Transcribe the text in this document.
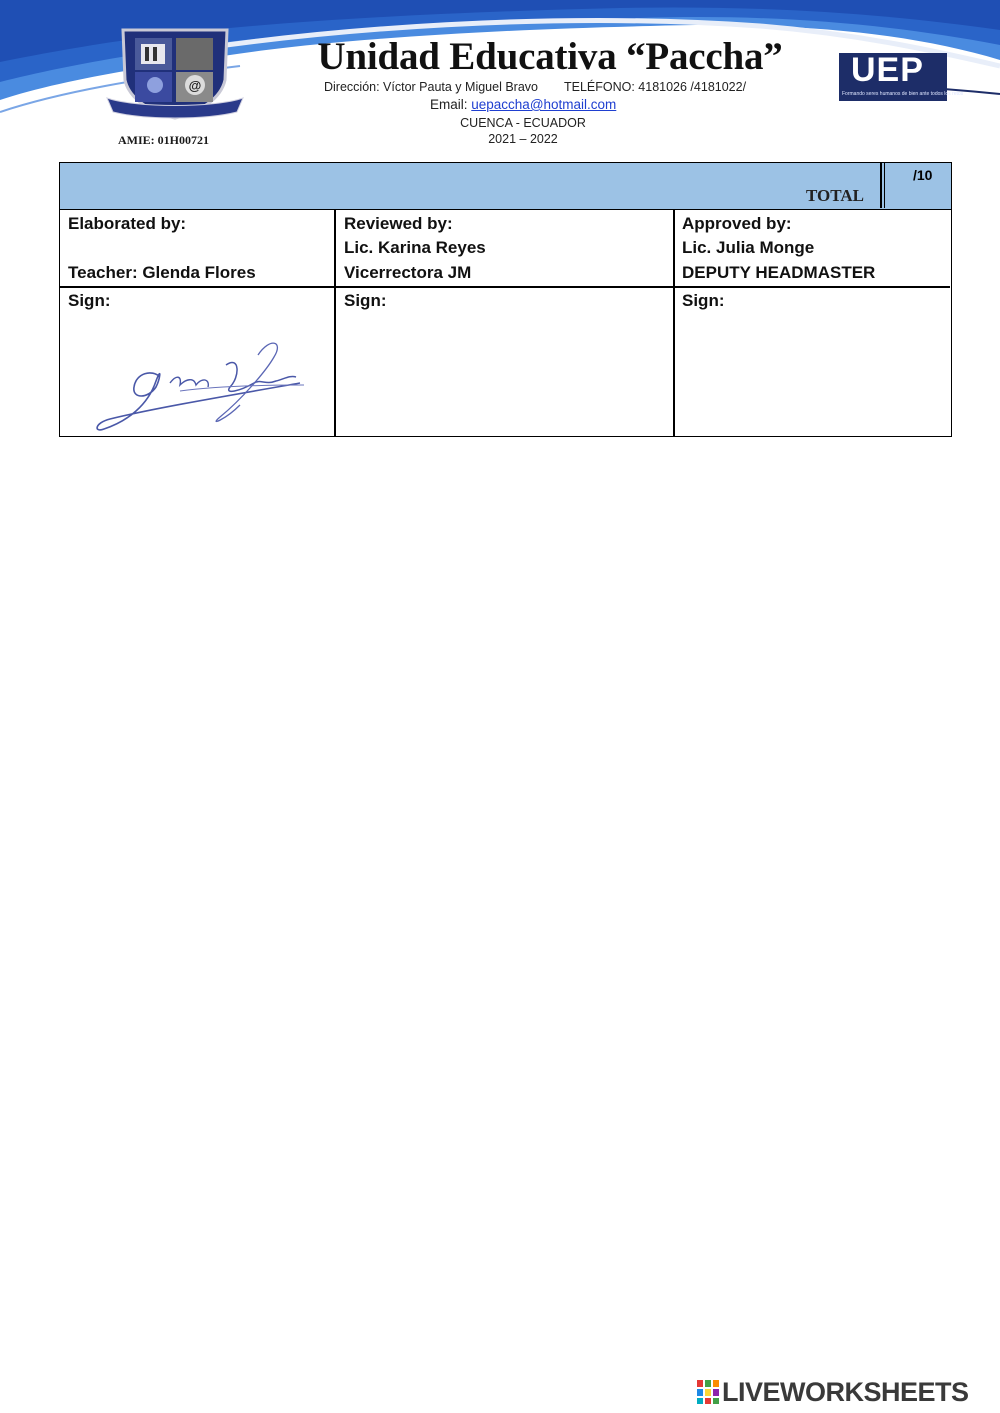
@
AMIE: 01H00721
Unidad Educativa “Paccha”
Dirección: Víctor Pauta y Miguel Bravo TELÉFONO: 4181026 /4181022/
Email: uepaccha@hotmail.com
CUENCA - ECUADOR
2021 – 2022
UEP
Formando seres humanos de bien ante todos los retos
TOTAL
/10
Elaborated by:
Teacher: Glenda Flores
Reviewed by:
Lic. Karina Reyes
Vicerrectora JM
Approved by:
Lic. Julia Monge
DEPUTY HEADMASTER
Sign:	Sign:	Sign:
LIVEWORKSHEETS
